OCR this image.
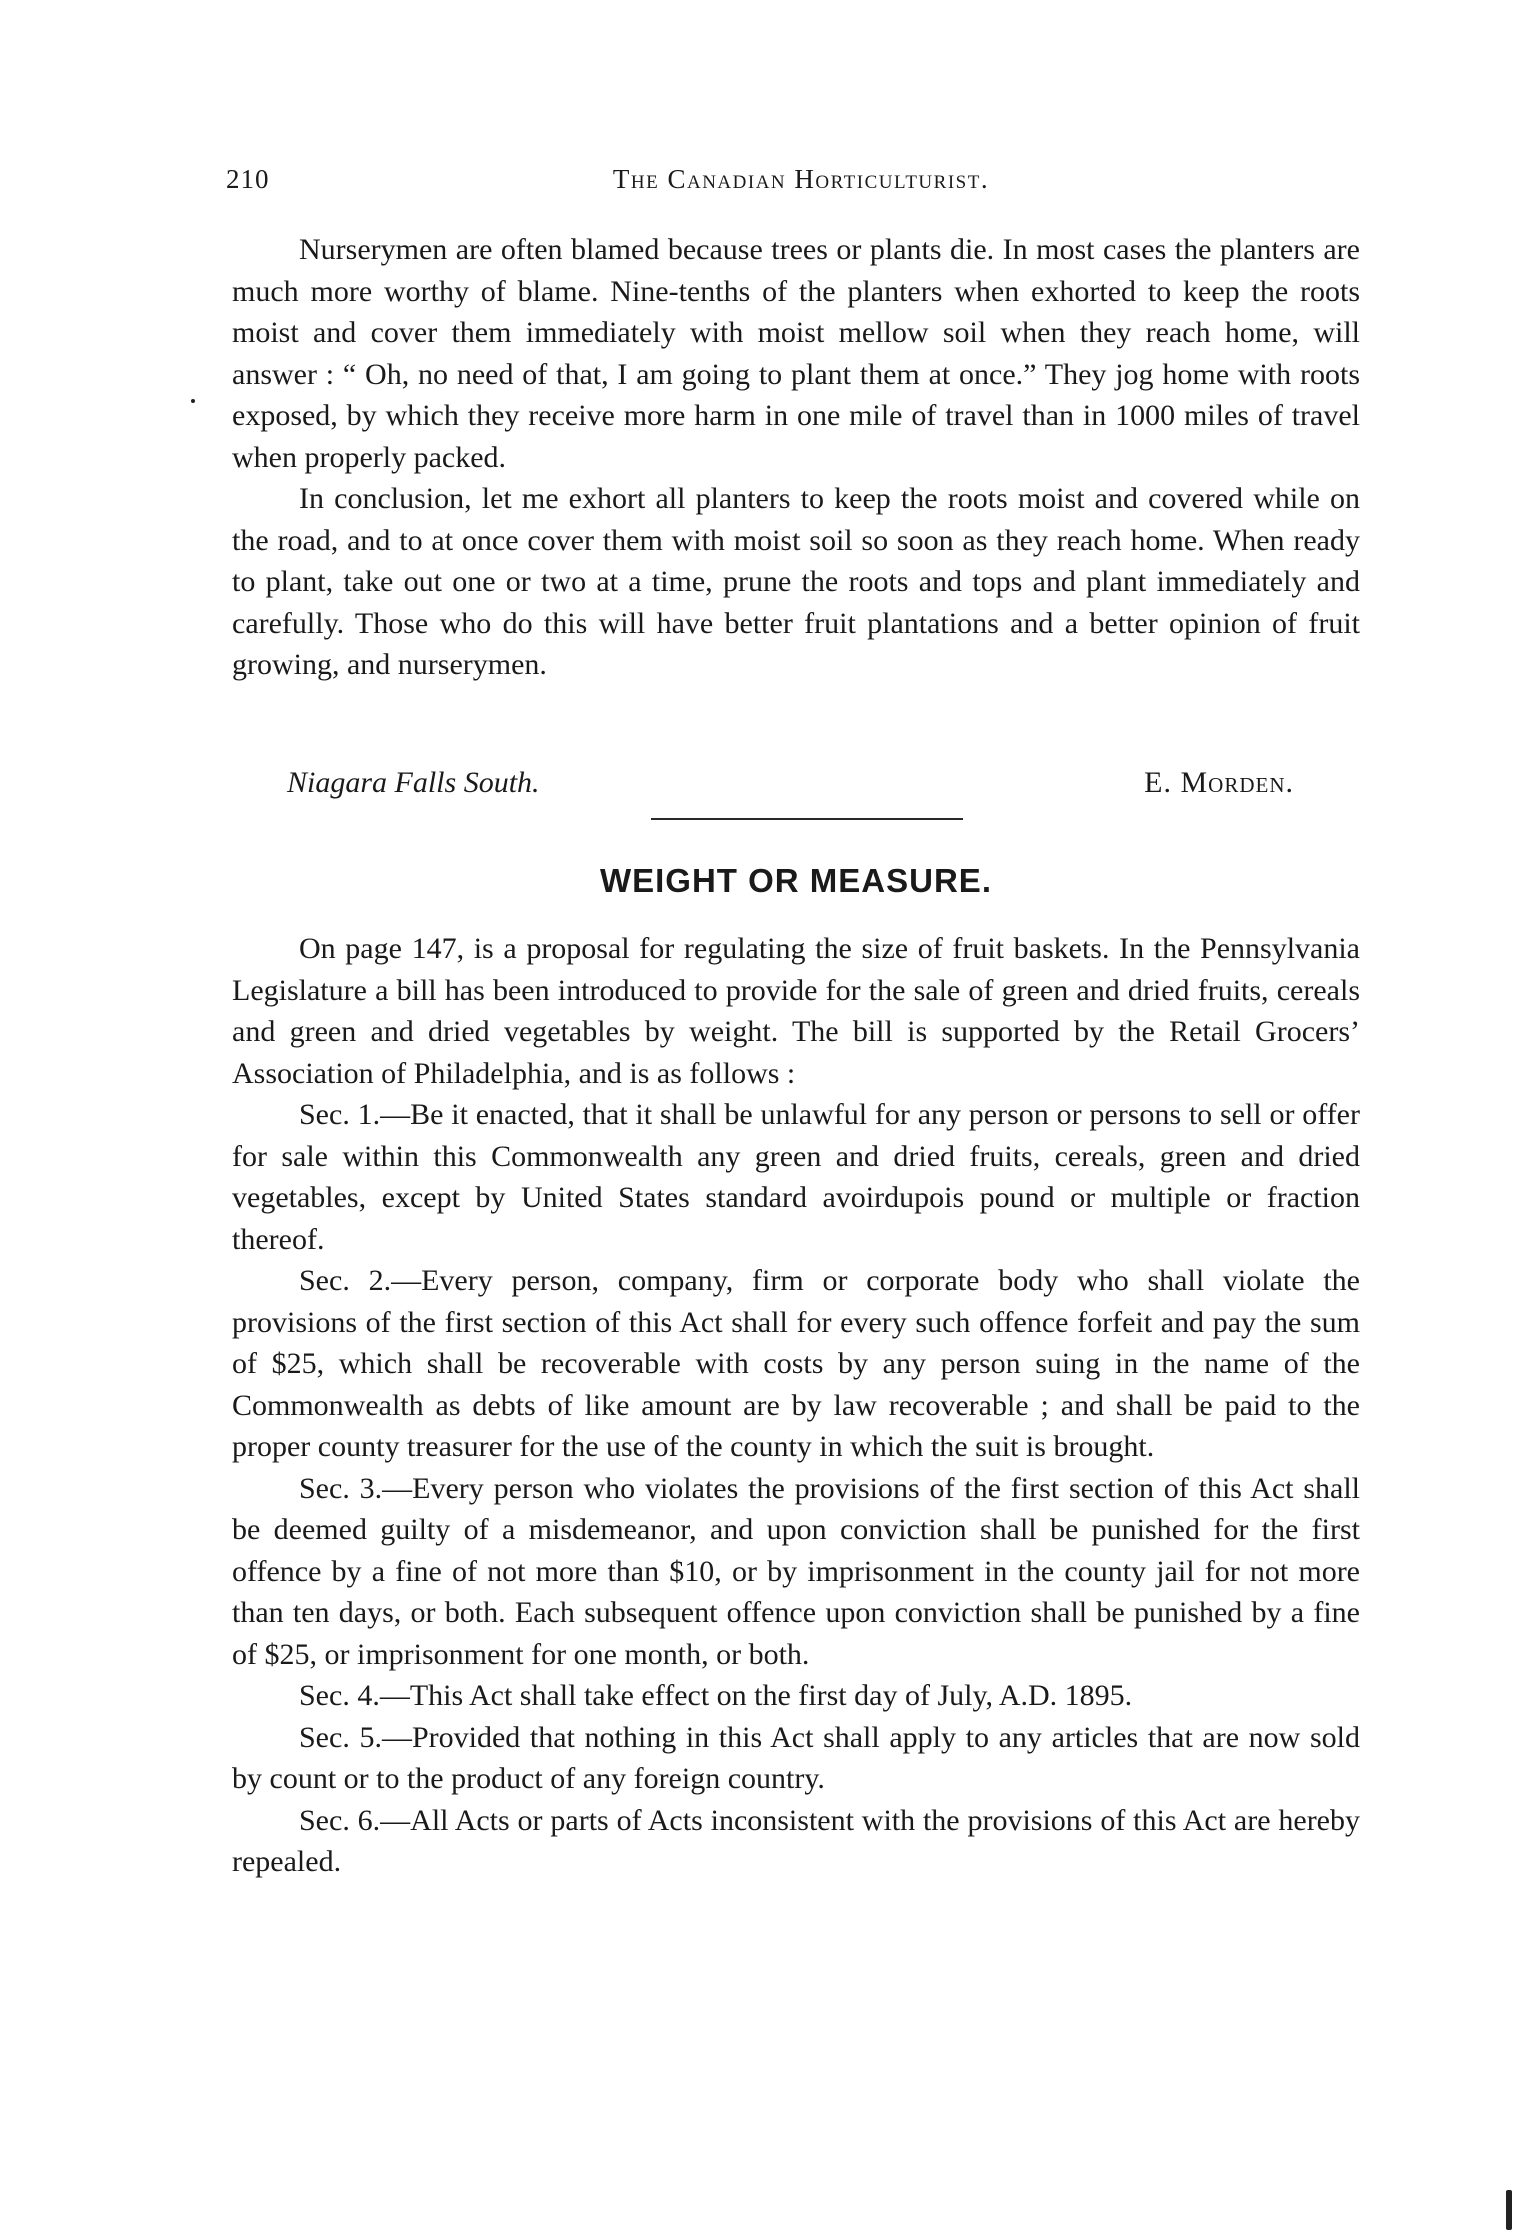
210	The Canadian Horticulturist.

Nurserymen are often blamed because trees or plants die. In most cases the planters are much more worthy of blame. Nine-tenths of the planters when exhorted to keep the roots moist and cover them immediately with moist mellow soil when they reach home, will answer : “ Oh, no need of that, I am going to plant them at once.” They jog home with roots exposed, by which they receive more harm in one mile of travel than in 1000 miles of travel when properly packed.

In conclusion, let me exhort all planters to keep the roots moist and covered while on the road, and to at once cover them with moist soil so soon as they reach home. When ready to plant, take out one or two at a time, prune the roots and tops and plant immediately and carefully. Those who do this will have better fruit plantations and a better opinion of fruit growing, and nurserymen.

Niagara Falls South.	E. Morden.
WEIGHT OR MEASURE.

On page 147, is a proposal for regulating the size of fruit baskets. In the Pennsylvania Legislature a bill has been introduced to provide for the sale of green and dried fruits, cereals and green and dried vegetables by weight. The bill is supported by the Retail Grocers’ Association of Philadelphia, and is as follows :

Sec. 1.—Be it enacted, that it shall be unlawful for any person or persons to sell or offer for sale within this Commonwealth any green and dried fruits, cereals, green and dried vegetables, except by United States standard avoirdupois pound or multiple or fraction thereof.

Sec. 2.—Every person, company, firm or corporate body who shall violate the provisions of the first section of this Act shall for every such offence forfeit and pay the sum of $25, which shall be recoverable with costs by any person suing in the name of the Commonwealth as debts of like amount are by law recoverable ; and shall be paid to the proper county treasurer for the use of the county in which the suit is brought.

Sec. 3.—Every person who violates the provisions of the first section of this Act shall be deemed guilty of a misdemeanor, and upon conviction shall be punished for the first offence by a fine of not more than $10, or by imprisonment in the county jail for not more than ten days, or both. Each subsequent offence upon conviction shall be punished by a fine of $25, or imprisonment for one month, or both.

Sec. 4.—This Act shall take effect on the first day of July, A.D. 1895.

Sec. 5.—Provided that nothing in this Act shall apply to any articles that are now sold by count or to the product of any foreign country.

Sec. 6.—All Acts or parts of Acts inconsistent with the provisions of this Act are hereby repealed.
